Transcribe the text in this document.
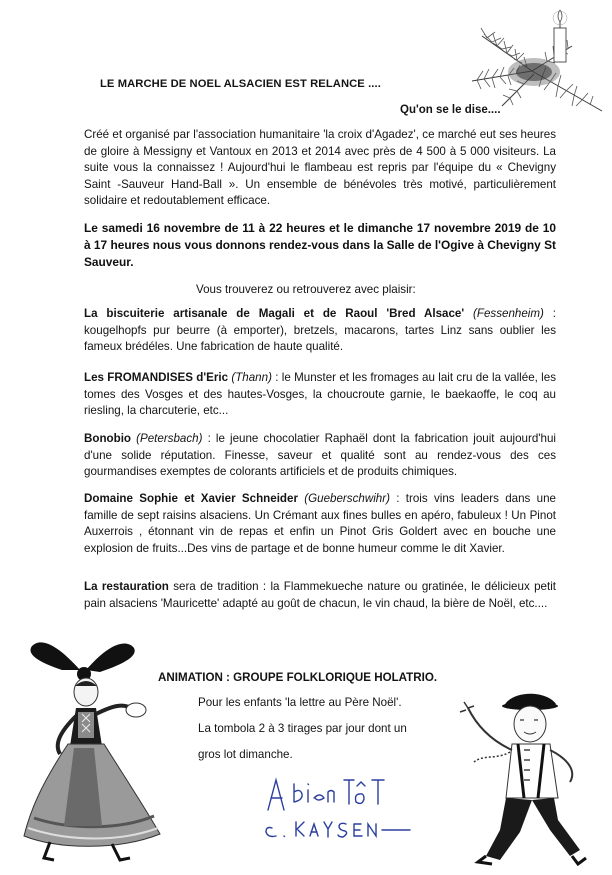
LE MARCHE DE NOEL ALSACIEN EST RELANCE ....
Qu'on se le dise....
Créé et organisé par l'association humanitaire 'la croix d'Agadez', ce marché eut ses heures de gloire à Messigny et Vantoux en 2013 et 2014 avec près de 4 500 à 5 000 visiteurs. La suite vous la connaissez ! Aujourd'hui le flambeau est repris par l'équipe du « Chevigny Saint -Sauveur Hand-Ball ». Un ensemble de bénévoles très motivé, particulièrement solidaire et redoutablement efficace.
Le samedi 16 novembre de 11 à 22 heures et le dimanche 17 novembre 2019 de 10 à 17 heures nous vous donnons rendez-vous dans la Salle de l'Ogive à Chevigny St Sauveur.
Vous trouverez ou retrouverez avec plaisir:
La biscuiterie artisanale de Magali et de Raoul 'Bred Alsace' (Fessenheim) : kougelhopfs pur beurre (à emporter), bretzels, macarons, tartes Linz sans oublier les fameux brédéles. Une fabrication de haute qualité.
Les FROMANDISES d'Eric (Thann) : le Munster et les fromages au lait cru de la vallée, les tomes des Vosges et des hautes-Vosges, la choucroute garnie, le baekaoffe, le coq au riesling, la charcuterie, etc...
Bonobio (Petersbach) : le jeune chocolatier Raphaël dont la fabrication jouit aujourd'hui d'une solide réputation. Finesse, saveur et qualité sont au rendez-vous des ces gourmandises exemptes de colorants artificiels et de produits chimiques.
Domaine Sophie et Xavier Schneider (Gueberschwihr) : trois vins leaders dans une famille de sept raisins alsaciens. Un Crémant aux fines bulles en apéro, fabuleux ! Un Pinot Auxerrois , étonnant vin de repas et enfin un Pinot Gris Goldert avec en bouche une explosion de fruits...Des vins de partage et de bonne humeur comme le dit Xavier.
La restauration sera de tradition : la Flammekueche nature ou gratinée, le délicieux petit pain alsaciens 'Mauricette' adapté au goût de chacun, le vin chaud, la bière de Noël, etc....
ANIMATION : GROUPE FOLKLORIQUE HOLATRIO.
Pour les enfants 'la lettre au Père Noël'.
La tombola 2 à 3 tirages par jour dont un
gros lot dimanche.
